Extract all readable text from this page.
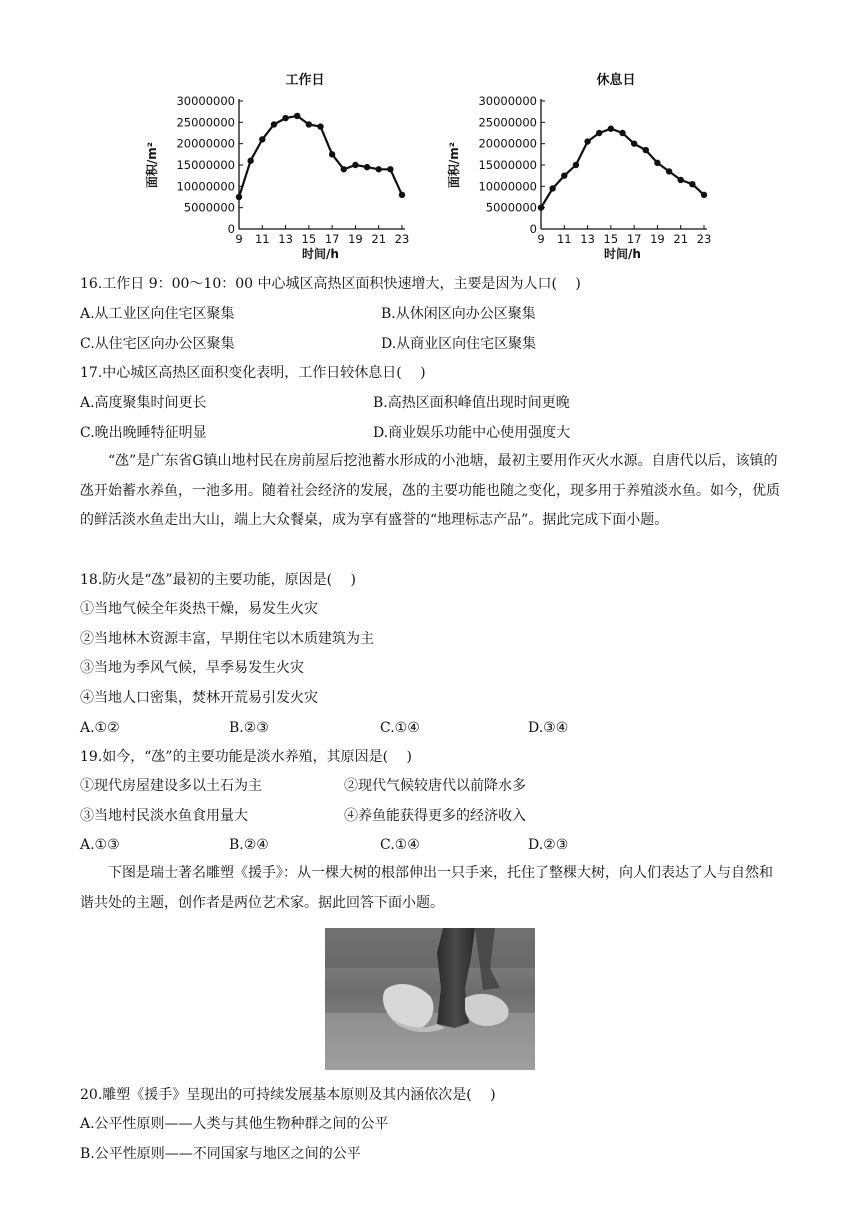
工作日
0
5000000
10000000
15000000
20000000
25000000
30000000
9 11 13 15 17 19 21 23
时间/h
面积/m²
休息日
0
5000000
10000000
15000000
20000000
25000000
30000000
9 11 13 15 17 19 21 23
时间/h
面积/m²
16.工作日 9：00～10：00 中心城区高热区面积快速增大，主要是因为人口(　 )
A.从工业区向住宅区聚集	B.从休闲区向办公区聚集
C.从住宅区向办公区聚集	D.从商业区向住宅区聚集
17.中心城区高热区面积变化表明，工作日较休息日(　 )
A.高度聚集时间更长	B.高热区面积峰值出现时间更晚
C.晚出晚睡特征明显	D.商业娱乐功能中心使用强度大
“氹”是广东省G镇山地村民在房前屋后挖池蓄水形成的小池塘，最初主要用作灭火水源。自唐代以后，该镇的氹开始蓄水养鱼，一池多用。随着社会经济的发展，氹的主要功能也随之变化，现多用于养殖淡水鱼。如今，优质的鲜活淡水鱼走出大山，端上大众餐桌，成为享有盛誉的“地理标志产品”。据此完成下面小题。
18.防火是“氹”最初的主要功能，原因是(　 )
①当地气候全年炎热干燥，易发生火灾
②当地林木资源丰富，早期住宅以木质建筑为主
③当地为季风气候，旱季易发生火灾
④当地人口密集，焚林开荒易引发火灾
A.①②	B.②③	C.①④	D.③④
19.如今，“氹”的主要功能是淡水养殖，其原因是(　 )
①现代房屋建设多以土石为主	②现代气候较唐代以前降水多
③当地村民淡水鱼食用量大	④养鱼能获得更多的经济收入
A.①③	B.②④	C.①④	D.②③
下图是瑞士著名雕塑《援手》：从一棵大树的根部伸出一只手来，托住了整棵大树，向人们表达了人与自然和谐共处的主题，创作者是两位艺术家。据此回答下面小题。
20.雕塑《援手》呈现出的可持续发展基本原则及其内涵依次是(　 )
A.公平性原则——人类与其他生物种群之间的公平
B.公平性原则——不同国家与地区之间的公平
